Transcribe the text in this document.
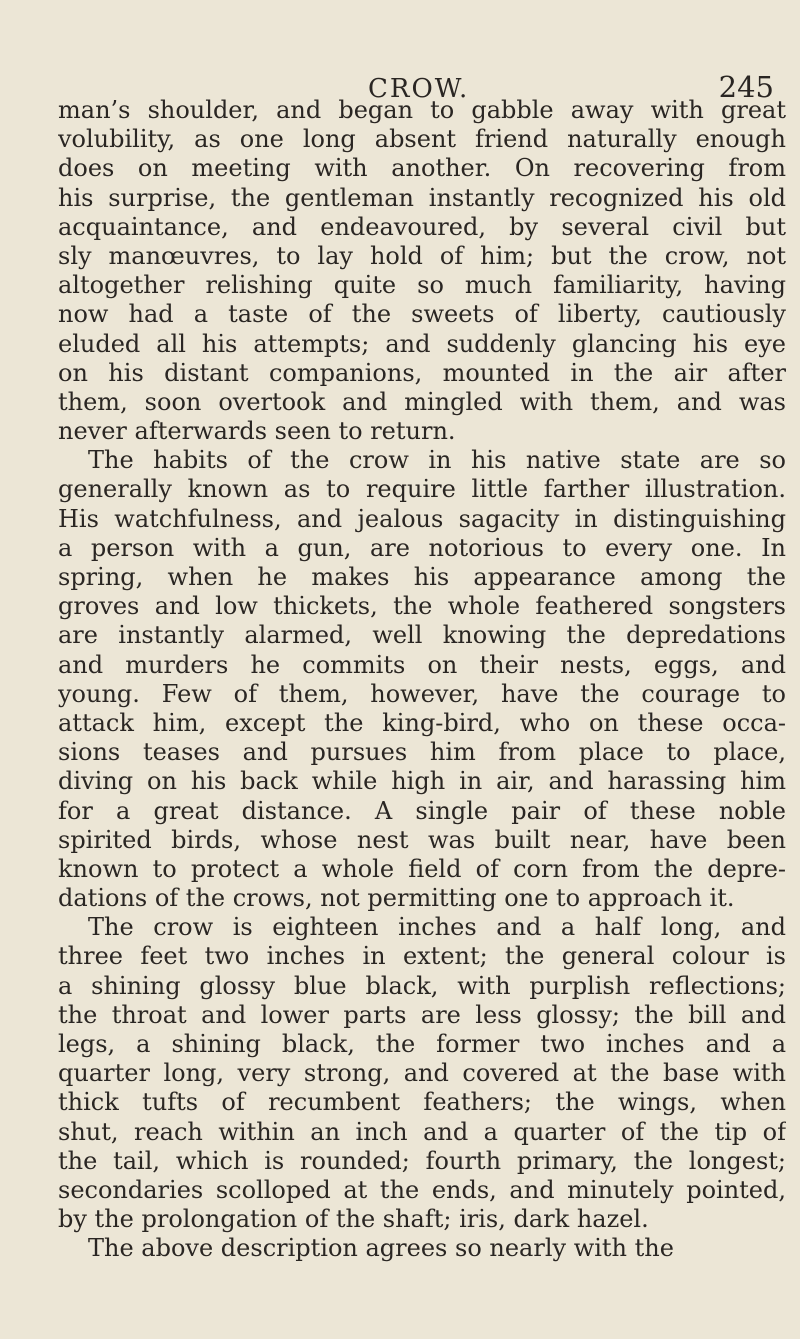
CROW.	245
man’s shoulder, and began to gabble away with great
volubility, as one long absent friend naturally enough
does on meeting with another. On recovering from
his surprise, the gentleman instantly recognized his old
acquaintance, and endeavoured, by several civil but
sly manœuvres, to lay hold of him; but the crow, not
altogether relishing quite so much familiarity, having
now had a taste of the sweets of liberty, cautiously
eluded all his attempts; and suddenly glancing his eye
on his distant companions, mounted in the air after
them, soon overtook and mingled with them, and was
never afterwards seen to return.
The habits of the crow in his native state are so
generally known as to require little farther illustration.
His watchfulness, and jealous sagacity in distinguishing
a person with a gun, are notorious to every one. In
spring, when he makes his appearance among the
groves and low thickets, the whole feathered songsters
are instantly alarmed, well knowing the depredations
and murders he commits on their nests, eggs, and
young. Few of them, however, have the courage to
attack him, except the king-bird, who on these occa-
sions teases and pursues him from place to place,
diving on his back while high in air, and harassing him
for a great distance. A single pair of these noble
spirited birds, whose nest was built near, have been
known to protect a whole field of corn from the depre-
dations of the crows, not permitting one to approach it.
The crow is eighteen inches and a half long, and
three feet two inches in extent; the general colour is
a shining glossy blue black, with purplish reflections;
the throat and lower parts are less glossy; the bill and
legs, a shining black, the former two inches and a
quarter long, very strong, and covered at the base with
thick tufts of recumbent feathers; the wings, when
shut, reach within an inch and a quarter of the tip of
the tail, which is rounded; fourth primary, the longest;
secondaries scolloped at the ends, and minutely pointed,
by the prolongation of the shaft; iris, dark hazel.
The above description agrees so nearly with the
